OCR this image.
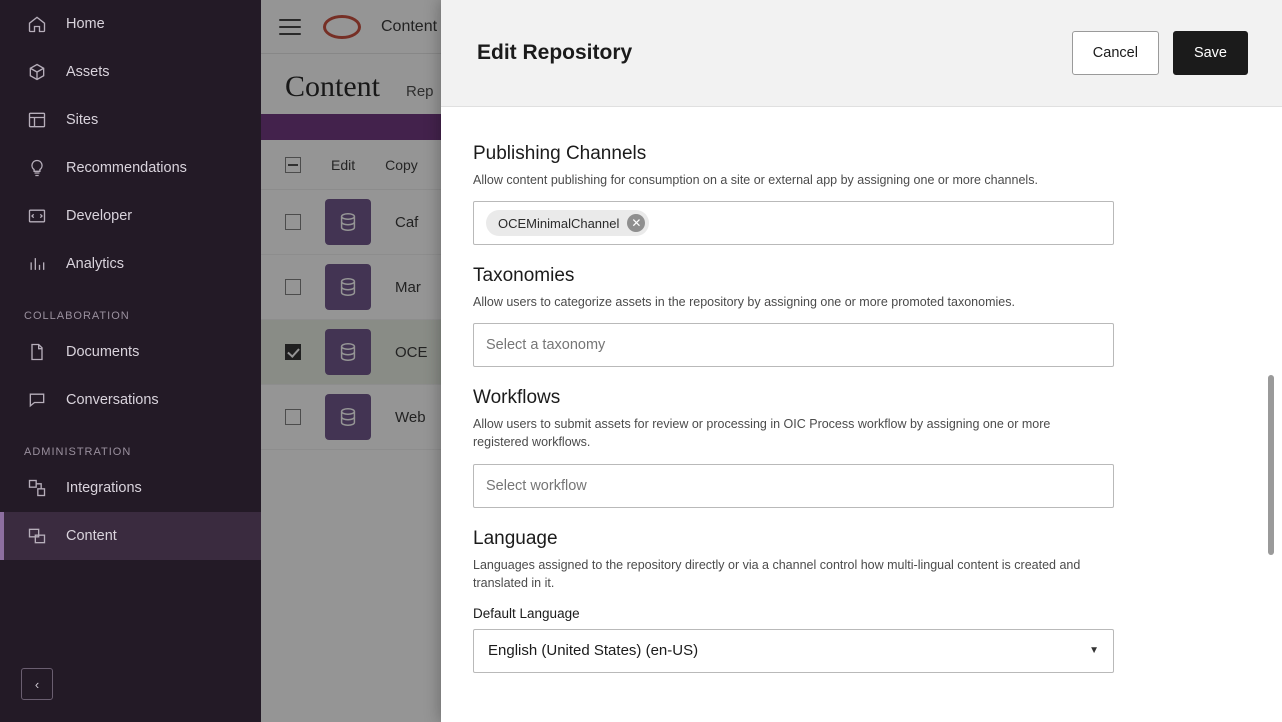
Home
Assets
Sites
Recommendations
Developer
Analytics
COLLABORATION
Documents
Conversations
ADMINISTRATION
Integrations
Content
‹
Content
Content Rep
Edit Copy
Caf
Mar
OCE
Web
Edit Repository	Cancel	Save
Publishing Channels
Allow content publishing for consumption on a site or external app by assigning one or more channels.
OCEMinimalChannel ✕
Taxonomies
Allow users to categorize assets in the repository by assigning one or more promoted taxonomies.
Select a taxonomy
Workflows
Allow users to submit assets for review or processing in OIC Process workflow by assigning one or more registered workflows.
Select workflow
Language
Languages assigned to the repository directly or via a channel control how multi-lingual content is created and translated in it.
Default Language
English (United States) (en-US)	▼
